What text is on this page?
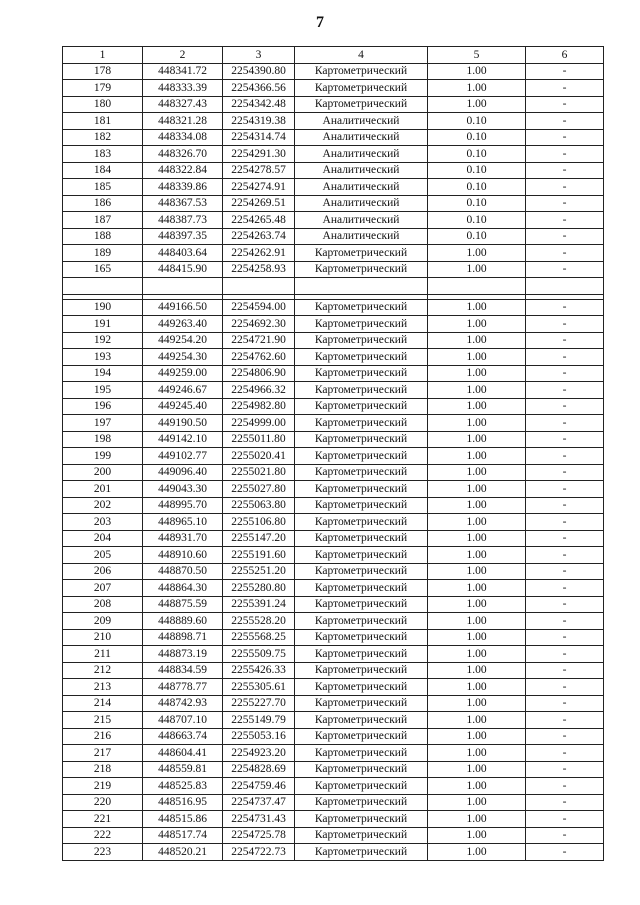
7
1	2	3	4	5	6
178	448341.72	2254390.80	Картометрический	1.00	-
179	448333.39	2254366.56	Картометрический	1.00	-
180	448327.43	2254342.48	Картометрический	1.00	-
181	448321.28	2254319.38	Аналитический	0.10	-
182	448334.08	2254314.74	Аналитический	0.10	-
183	448326.70	2254291.30	Аналитический	0.10	-
184	448322.84	2254278.57	Аналитический	0.10	-
185	448339.86	2254274.91	Аналитический	0.10	-
186	448367.53	2254269.51	Аналитический	0.10	-
187	448387.73	2254265.48	Аналитический	0.10	-
188	448397.35	2254263.74	Аналитический	0.10	-
189	448403.64	2254262.91	Картометрический	1.00	-
165	448415.90	2254258.93	Картометрический	1.00	-

190	449166.50	2254594.00	Картометрический	1.00	-
191	449263.40	2254692.30	Картометрический	1.00	-
192	449254.20	2254721.90	Картометрический	1.00	-
193	449254.30	2254762.60	Картометрический	1.00	-
194	449259.00	2254806.90	Картометрический	1.00	-
195	449246.67	2254966.32	Картометрический	1.00	-
196	449245.40	2254982.80	Картометрический	1.00	-
197	449190.50	2254999.00	Картометрический	1.00	-
198	449142.10	2255011.80	Картометрический	1.00	-
199	449102.77	2255020.41	Картометрический	1.00	-
200	449096.40	2255021.80	Картометрический	1.00	-
201	449043.30	2255027.80	Картометрический	1.00	-
202	448995.70	2255063.80	Картометрический	1.00	-
203	448965.10	2255106.80	Картометрический	1.00	-
204	448931.70	2255147.20	Картометрический	1.00	-
205	448910.60	2255191.60	Картометрический	1.00	-
206	448870.50	2255251.20	Картометрический	1.00	-
207	448864.30	2255280.80	Картометрический	1.00	-
208	448875.59	2255391.24	Картометрический	1.00	-
209	448889.60	2255528.20	Картометрический	1.00	-
210	448898.71	2255568.25	Картометрический	1.00	-
211	448873.19	2255509.75	Картометрический	1.00	-
212	448834.59	2255426.33	Картометрический	1.00	-
213	448778.77	2255305.61	Картометрический	1.00	-
214	448742.93	2255227.70	Картометрический	1.00	-
215	448707.10	2255149.79	Картометрический	1.00	-
216	448663.74	2255053.16	Картометрический	1.00	-
217	448604.41	2254923.20	Картометрический	1.00	-
218	448559.81	2254828.69	Картометрический	1.00	-
219	448525.83	2254759.46	Картометрический	1.00	-
220	448516.95	2254737.47	Картометрический	1.00	-
221	448515.86	2254731.43	Картометрический	1.00	-
222	448517.74	2254725.78	Картометрический	1.00	-
223	448520.21	2254722.73	Картометрический	1.00	-
